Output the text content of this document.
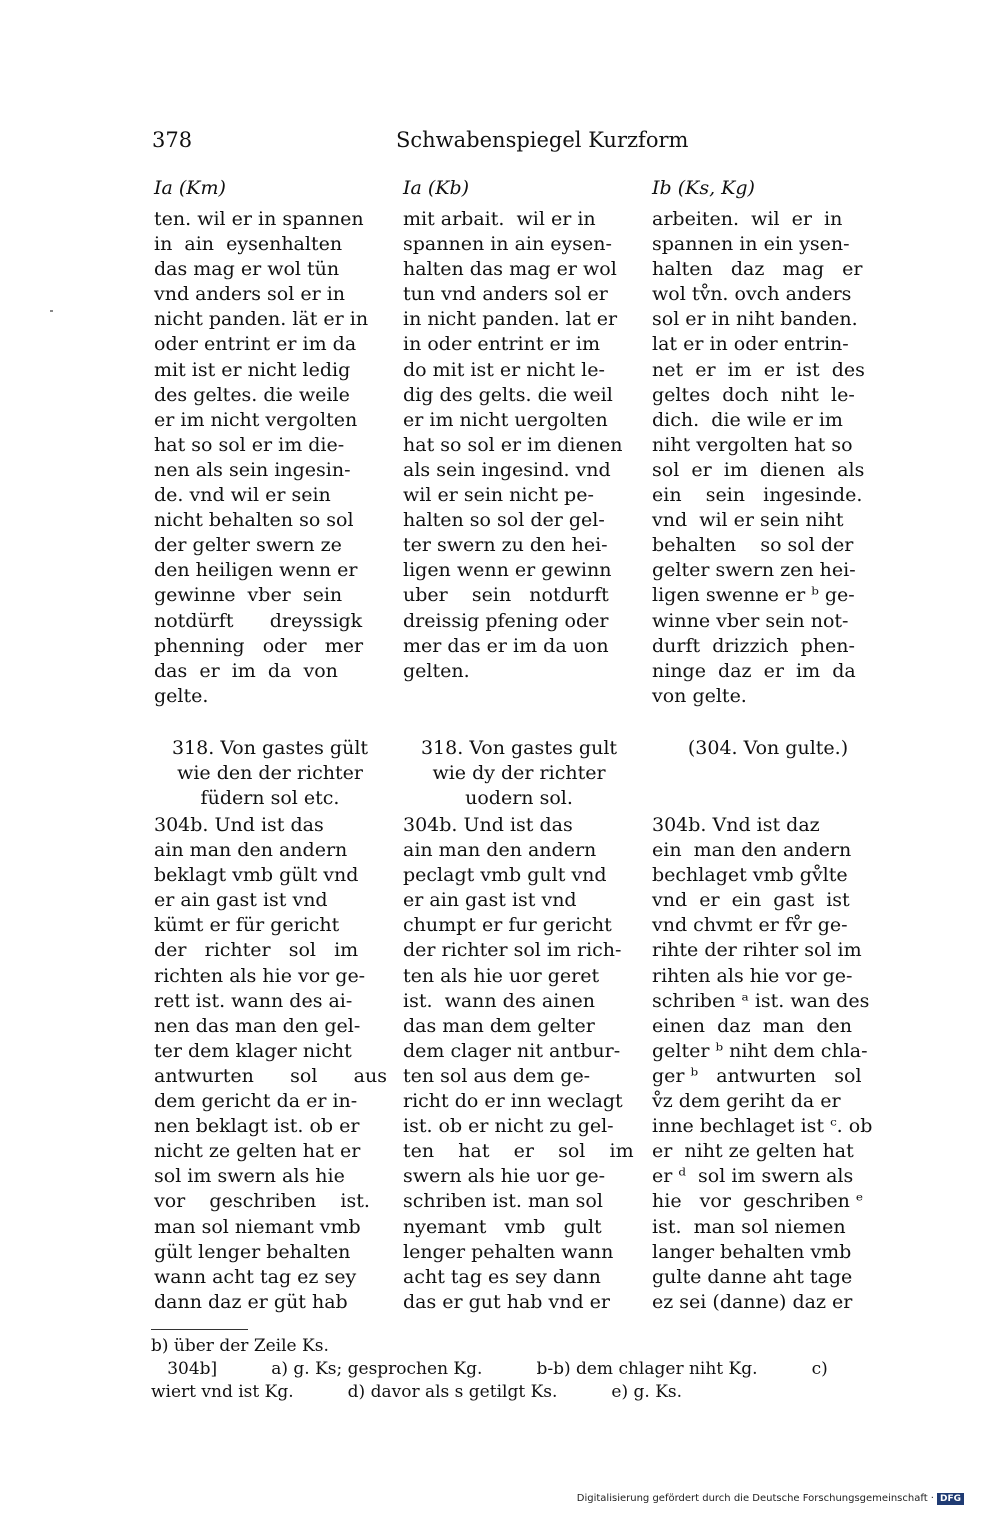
378	Schwabenspiegel Kurzform
Ia (Km)
ten. wil er in spannen
in  ain  eysenhalten
das mag er wol tün
vnd anders sol er in
nicht panden. lät er in
oder entrint er im da
mit ist er nicht ledig
des geltes. die weile
er im nicht vergolten
hat so sol er im die-
nen als sein ingesin-
de. vnd wil er sein
nicht behalten so sol
der gelter swern ze
den heiligen wenn er
gewinne  vber  sein
notdürft      dreyssigk
phenning   oder   mer
das  er  im  da  von
gelte.
318. Von gastes gült
wie den der richter
füdern sol etc.
304b. Und ist das
ain man den andern
beklagt vmb gült vnd
er ain gast ist vnd
kümt er für gericht
der   richter   sol   im
richten als hie vor ge-
rett ist. wann des ai-
nen das man den gel-
ter dem klager nicht
antwurten      sol      aus
dem gericht da er in-
nen beklagt ist. ob er
nicht ze gelten hat er
sol im swern als hie
vor    geschriben    ist.
man sol niemant vmb
gült lenger behalten
wann acht tag ez sey
dann daz er güt hab
Ia (Kb)
mit arbait.  wil er in
spannen in ain eysen-
halten das mag er wol
tun vnd anders sol er
in nicht panden. lat er
in oder entrint er im
do mit ist er nicht le-
dig des gelts. die weil
er im nicht uergolten
hat so sol er im dienen
als sein ingesind. vnd
wil er sein nicht pe-
halten so sol der gel-
ter swern zu den hei-
ligen wenn er gewinn
uber    sein   notdurft
dreissig pfening oder
mer das er im da uon
gelten.
318. Von gastes gult
wie dy der richter
uodern sol.
304b. Und ist das
ain man den andern
peclagt vmb gult vnd
er ain gast ist vnd
chumpt er fur gericht
der richter sol im rich-
ten als hie uor geret
ist.  wann des ainen
das man dem gelter
dem clager nit antbur-
ten sol aus dem ge-
richt do er inn weclagt
ist. ob er nicht zu gel-
ten    hat    er    sol    im
swern als hie uor ge-
schriben ist. man sol
nyemant   vmb   gult
lenger pehalten wann
acht tag es sey dann
das er gut hab vnd er
Ib (Ks, Kg)
arbeiten.  wil  er  in
spannen in ein ysen-
halten   daz   mag   er
wol tv̊n. ovch anders
sol er in niht banden.
lat er in oder entrin-
net  er  im  er  ist  des
geltes  doch  niht  le-
dich.  die wile er im
niht vergolten hat so
sol  er  im  dienen  als
ein    sein   ingesinde.
vnd  wil er sein niht
behalten    so sol der
gelter swern zen hei-
ligen swenne er ᵇ ge-
winne vber sein not-
durft  drizzich  phen-
ninge  daz  er  im  da
von gelte.
(304. Von gulte.)
304b. Vnd ist daz
ein  man den andern
bechlaget vmb gv̊lte
vnd  er  ein  gast  ist
vnd chvmt er fv̊r ge-
rihte der rihter sol im
rihten als hie vor ge-
schriben ᵃ ist. wan des
einen  daz  man  den
gelter ᵇ niht dem chla-
ger ᵇ   antwurten   sol
v̊z dem geriht da er
inne bechlaget ist ᶜ. ob
er  niht ze gelten hat
er ᵈ  sol im swern als
hie   vor  geschriben ᵉ
ist.  man sol niemen
langer behalten vmb
gulte danne aht tage
ez sei (danne) daz er
b) über der Zeile Ks.
304b]          a) g. Ks; gesprochen Kg.          b-b) dem chlager niht Kg.          c)
wiert vnd ist Kg.          d) davor als s getilgt Ks.          e) g. Ks.
Digitalisierung gefördert durch die Deutsche Forschungsgemeinschaft · DFG
